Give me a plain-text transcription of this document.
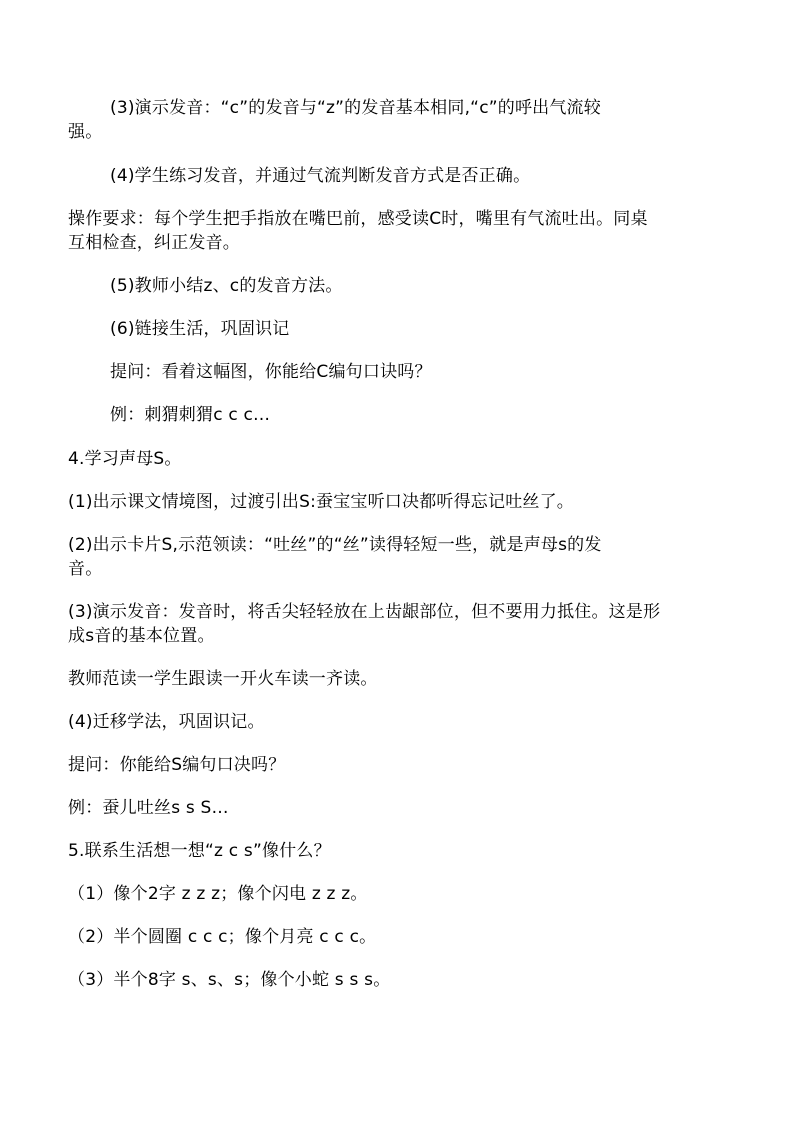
(3)演示发音：“c”的发音与“z”的发音基本相同,“c”的呼出气流较
强。
(4)学生练习发音，并通过气流判断发音方式是否正确。
操作要求：每个学生把手指放在嘴巴前，感受读C时，嘴里有气流吐出。同桌
互相检查，纠正发音。
(5)教师小结z、c的发音方法。
(6)链接生活，巩固识记
提问：看着这幅图，你能给C编句口诀吗？
例：刺猬刺猬c c c…
4.学习声母S。
(1)出示课文情境图，过渡引出S:蚕宝宝听口决都听得忘记吐丝了。
(2)出示卡片S,示范领读：“吐丝”的“丝”读得轻短一些，就是声母s的发
音。
(3)演示发音：发音时，将舌尖轻轻放在上齿龈部位，但不要用力抵住。这是形
成s音的基本位置。
教师范读一学生跟读一开火车读一齐读。
(4)迁移学法，巩固识记。
提问：你能给S编句口决吗？
例：蚕儿吐丝s s S…
5.联系生活想一想“z c s”像什么？
（1）像个2字 z z z；像个闪电 z z z。
（2）半个圆圈 c c c；像个月亮 c c c。
（3）半个8字 s、s、s；像个小蛇 s s s。
